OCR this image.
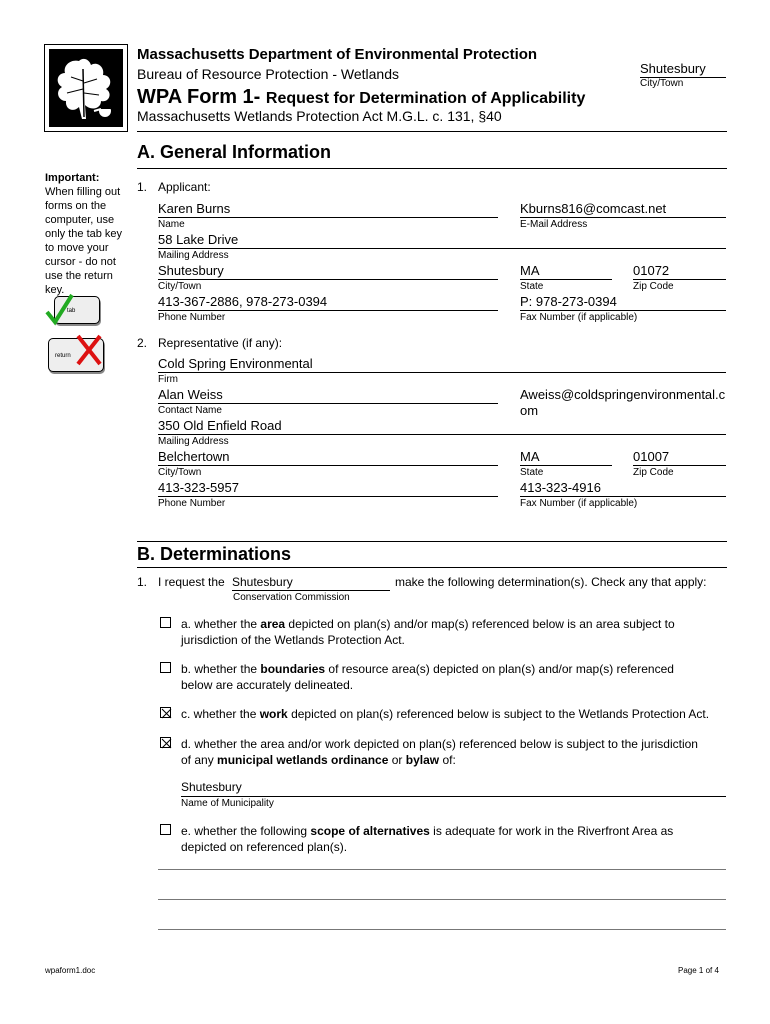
Massachusetts Department of Environmental Protection
Bureau of Resource Protection - Wetlands
WPA Form 1- Request for Determination of Applicability
Massachusetts Wetlands Protection Act M.G.L. c. 131, §40
Shutesbury
City/Town
A. General Information
Important:
When filling out forms on the computer, use only the tab key to move your cursor - do not use the return key.
tab
return
1. Applicant:
Karen Burns
Name
Kburns816@comcast.net
E-Mail Address
58 Lake Drive
Mailing Address
Shutesbury
City/Town
MA
State
01072
Zip Code
413-367-2886, 978-273-0394
Phone Number
P: 978-273-0394
Fax Number (if applicable)
2. Representative (if any):
Cold Spring Environmental
Firm
Alan Weiss
Contact Name
Aweiss@coldspringenvironmental.c
om
350 Old Enfield Road
Mailing Address
Belchertown
City/Town
MA
State
01007
Zip Code
413-323-5957
Phone Number
413-323-4916
Fax Number (if applicable)
B. Determinations
1. I request the Shutesbury	make the following determination(s). Check any that apply:
Conservation Commission
a. whether the area depicted on plan(s) and/or map(s) referenced below is an area subject to
jurisdiction of the Wetlands Protection Act.
b. whether the boundaries of resource area(s) depicted on plan(s) and/or map(s) referenced
below are accurately delineated.
c. whether the work depicted on plan(s) referenced below is subject to the Wetlands Protection Act.
d. whether the area and/or work depicted on plan(s) referenced below is subject to the jurisdiction
of any municipal wetlands ordinance or bylaw of:
Shutesbury
Name of Municipality
e. whether the following scope of alternatives is adequate for work in the Riverfront Area as
depicted on referenced plan(s).
wpaform1.doc	Page 1 of 4
